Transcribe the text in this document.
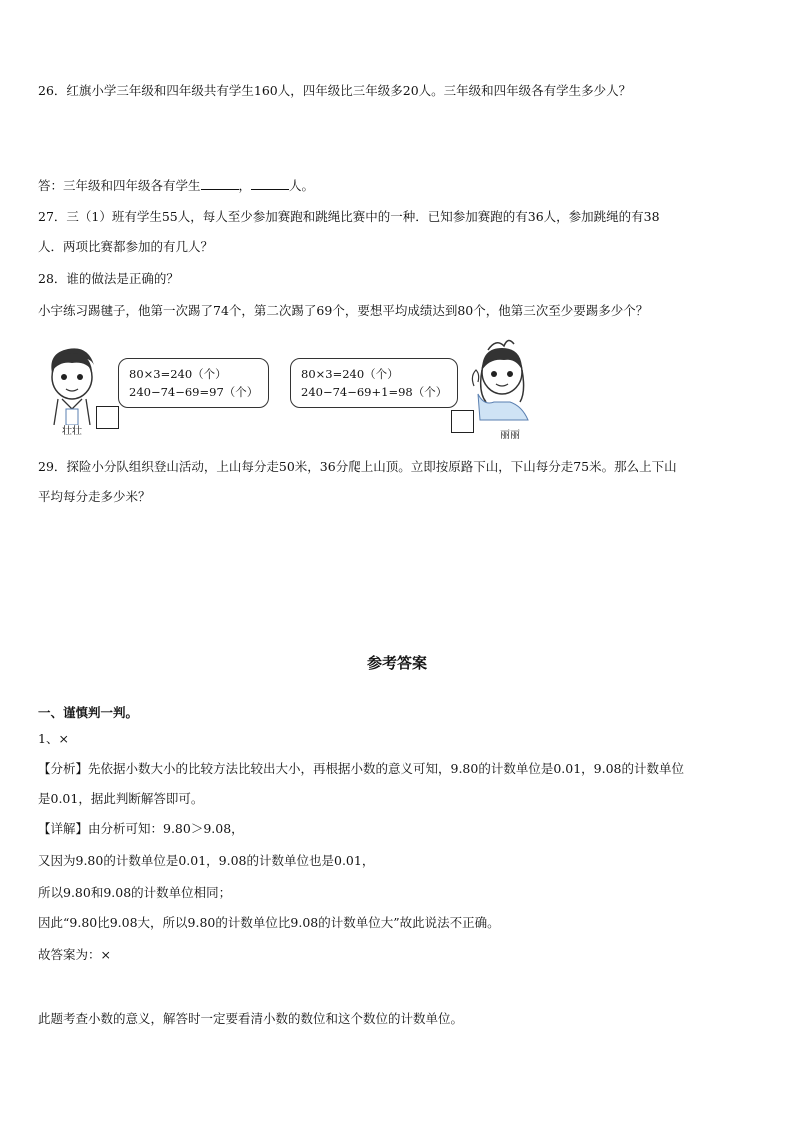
26．红旗小学三年级和四年级共有学生160人，四年级比三年级多20人。三年级和四年级各有学生多少人？
答：三年级和四年级各有学生	，	人。
27．三（1）班有学生55人，每人至少参加赛跑和跳绳比赛中的一种．已知参加赛跑的有36人，参加跳绳的有38
人．两项比赛都参加的有几人？
28．谁的做法是正确的？
小宇练习踢毽子，他第一次踢了74个，第二次踢了69个，要想平均成绩达到80个，他第三次至少要踢多少个？
壮壮
80×3=240（个）
240−74−69=97（个）
80×3=240（个）
240−74−69+1=98（个）
丽丽
29．探险小分队组织登山活动，上山每分走50米，36分爬上山顶。立即按原路下山，下山每分走75米。那么上下山
平均每分走多少米？
参考答案
一、谨慎判一判。
1、×
【分析】先依据小数大小的比较方法比较出大小，再根据小数的意义可知，9.80的计数单位是0.01，9.08的计数单位
是0.01，据此判断解答即可。
【详解】由分析可知：9.80＞9.08，
又因为9.80的计数单位是0.01，9.08的计数单位也是0.01，
所以9.80和9.08的计数单位相同；
因此“9.80比9.08大，所以9.80的计数单位比9.08的计数单位大”故此说法不正确。
故答案为：×
此题考查小数的意义，解答时一定要看清小数的数位和这个数位的计数单位。
